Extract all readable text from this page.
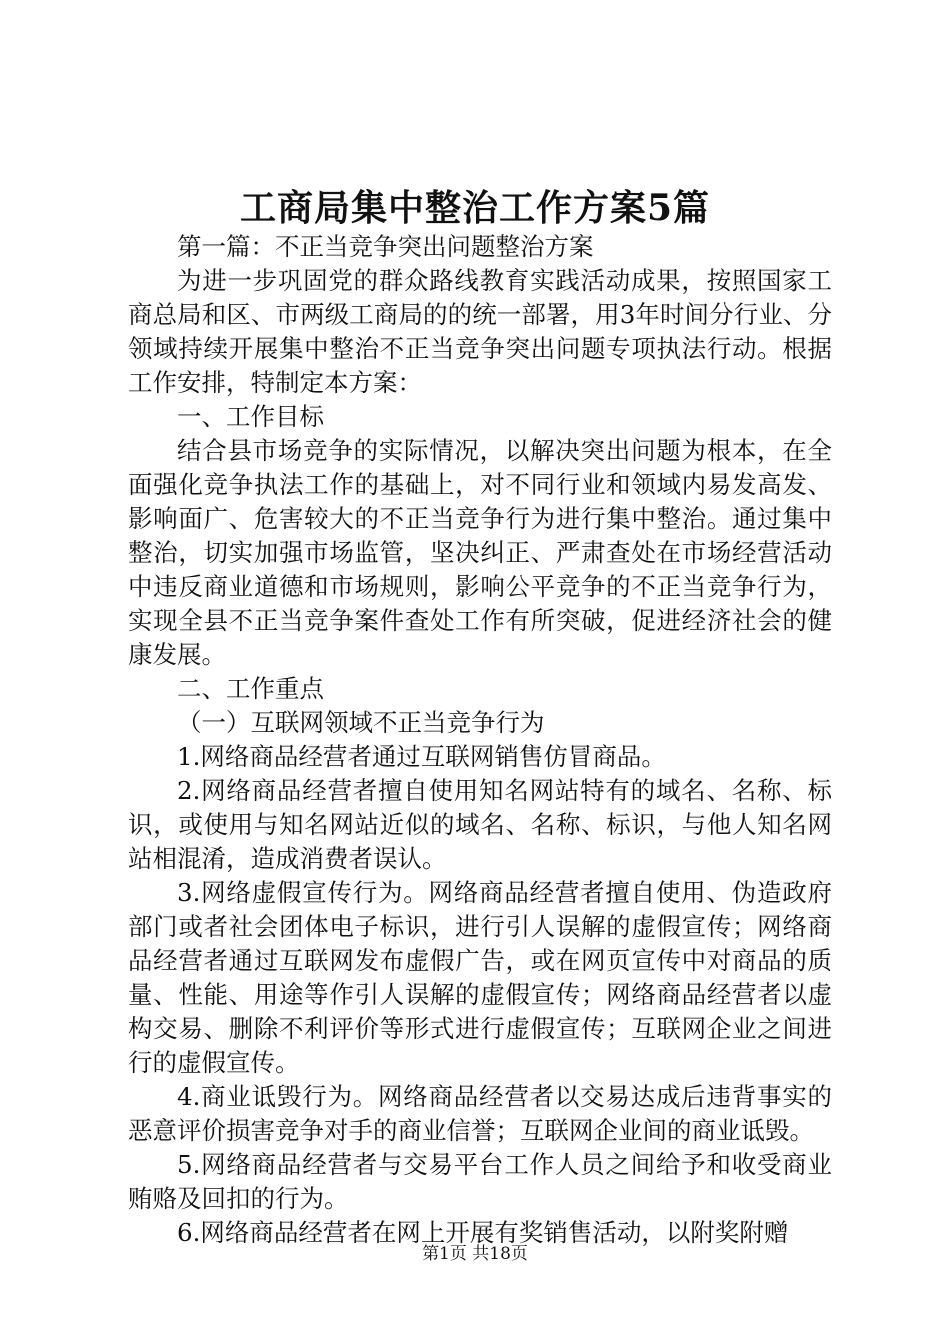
工商局集中整治工作方案5篇

第一篇：不正当竞争突出问题整治方案

为进一步巩固党的群众路线教育实践活动成果，按照国家工商总局和区、市两级工商局的的统一部署，用3年时间分行业、分领域持续开展集中整治不正当竞争突出问题专项执法行动。根据工作安排，特制定本方案：

一、工作目标

结合县市场竞争的实际情况，以解决突出问题为根本，在全面强化竞争执法工作的基础上，对不同行业和领域内易发高发、影响面广、危害较大的不正当竞争行为进行集中整治。通过集中整治，切实加强市场监管，坚决纠正、严肃查处在市场经营活动中违反商业道德和市场规则，影响公平竞争的不正当竞争行为，实现全县不正当竞争案件查处工作有所突破，促进经济社会的健康发展。

二、工作重点

（一）互联网领域不正当竞争行为

1.网络商品经营者通过互联网销售仿冒商品。

2.网络商品经营者擅自使用知名网站特有的域名、名称、标识，或使用与知名网站近似的域名、名称、标识，与他人知名网站相混淆，造成消费者误认。

3.网络虚假宣传行为。网络商品经营者擅自使用、伪造政府部门或者社会团体电子标识，进行引人误解的虚假宣传；网络商品经营者通过互联网发布虚假广告，或在网页宣传中对商品的质量、性能、用途等作引人误解的虚假宣传；网络商品经营者以虚构交易、删除不利评价等形式进行虚假宣传；互联网企业之间进行的虚假宣传。

4.商业诋毁行为。网络商品经营者以交易达成后违背事实的恶意评价损害竞争对手的商业信誉；互联网企业间的商业诋毁。

5.网络商品经营者与交易平台工作人员之间给予和收受商业贿赂及回扣的行为。

6.网络商品经营者在网上开展有奖销售活动，以附奖附赠

第1页 共18页
